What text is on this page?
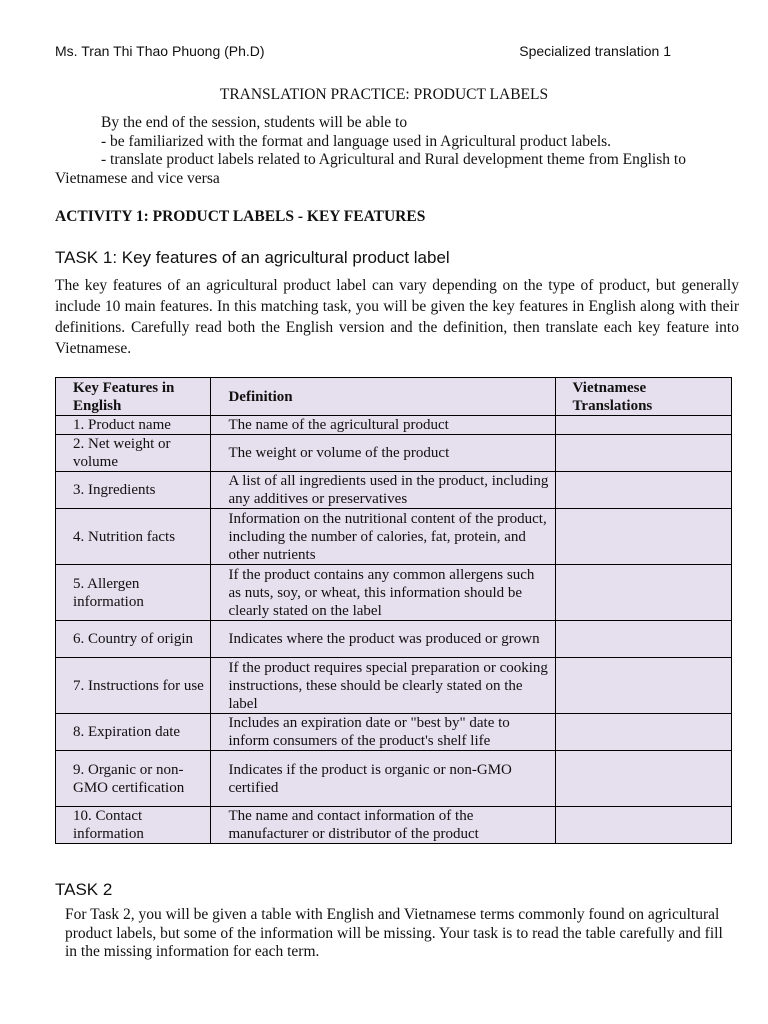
Ms. Tran Thi Thao Phuong (Ph.D)	Specialized translation 1
TRANSLATION PRACTICE: PRODUCT LABELS

By the end of the session, students will be able to

- be familiarized with the format and language used in Agricultural product labels.

- translate product labels related to Agricultural and Rural development theme from English to Vietnamese and vice versa

ACTIVITY 1: PRODUCT LABELS - KEY FEATURES
TASK 1: Key features of an agricultural product label
The key features of an agricultural product label can vary depending on the type of product, but generally include 10 main features. In this matching task, you will be given the key features in English along with their definitions. Carefully read both the English version and the definition, then translate each key feature into Vietnamese.
Key Features in English	Definition	Vietnamese Translations
1. Product name	The name of the agricultural product	
2. Net weight or volume	The weight or volume of the product	
3. Ingredients	A list of all ingredients used in the product, including any additives or preservatives	
4. Nutrition facts	Information on the nutritional content of the product, including the number of calories, fat, protein, and other nutrients	
5. Allergen information	If the product contains any common allergens such as nuts, soy, or wheat, this information should be clearly stated on the label	
6. Country of origin	Indicates where the product was produced or grown	
7. Instructions for use	If the product requires special preparation or cooking instructions, these should be clearly stated on the label	
8. Expiration date	Includes an expiration date or "best by" date to inform consumers of the product's shelf life	
9. Organic or non-GMO certification	Indicates if the product is organic or non-GMO certified	
10. Contact information	The name and contact information of the manufacturer or distributor of the product	
TASK 2
For Task 2, you will be given a table with English and Vietnamese terms commonly found on agricultural product labels, but some of the information will be missing. Your task is to read the table carefully and fill in the missing information for each term.
